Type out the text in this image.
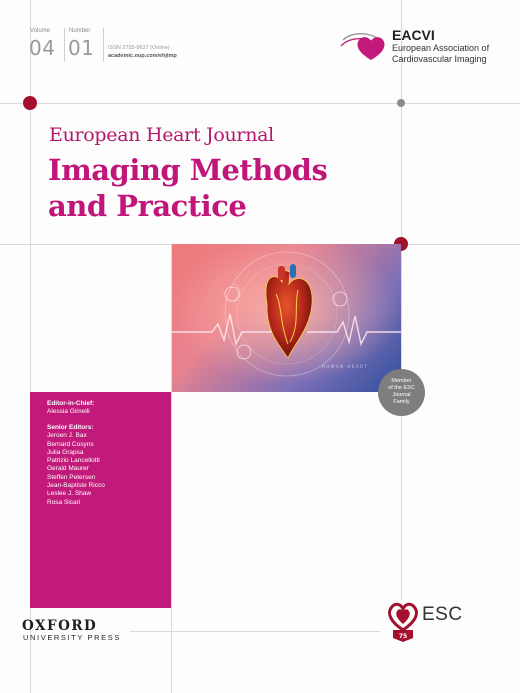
Volume
04
Number
01 ISSN 2755-9637 (Online)
academic.oup.com/ehjimp
EACVI
European Association of
Cardiovascular Imaging
European Heart Journal
Imaging Methods
and Practice
HUMAN HEART
Member
of the ESC
Journal
Family
Editor-in-Chief:
Alessia Gimelli
Senior Editors:
Jeroen J. Bax
Bernard Cosyns
Julia Grapsa
Patrizio Lancellotti
Gerald Maurer
Steffen Petersen
Jean-Baptiste Ricco
Leslee J. Shaw
Rosa Sicari
OXFORD
UNIVERSITY PRESS	75
ESC
